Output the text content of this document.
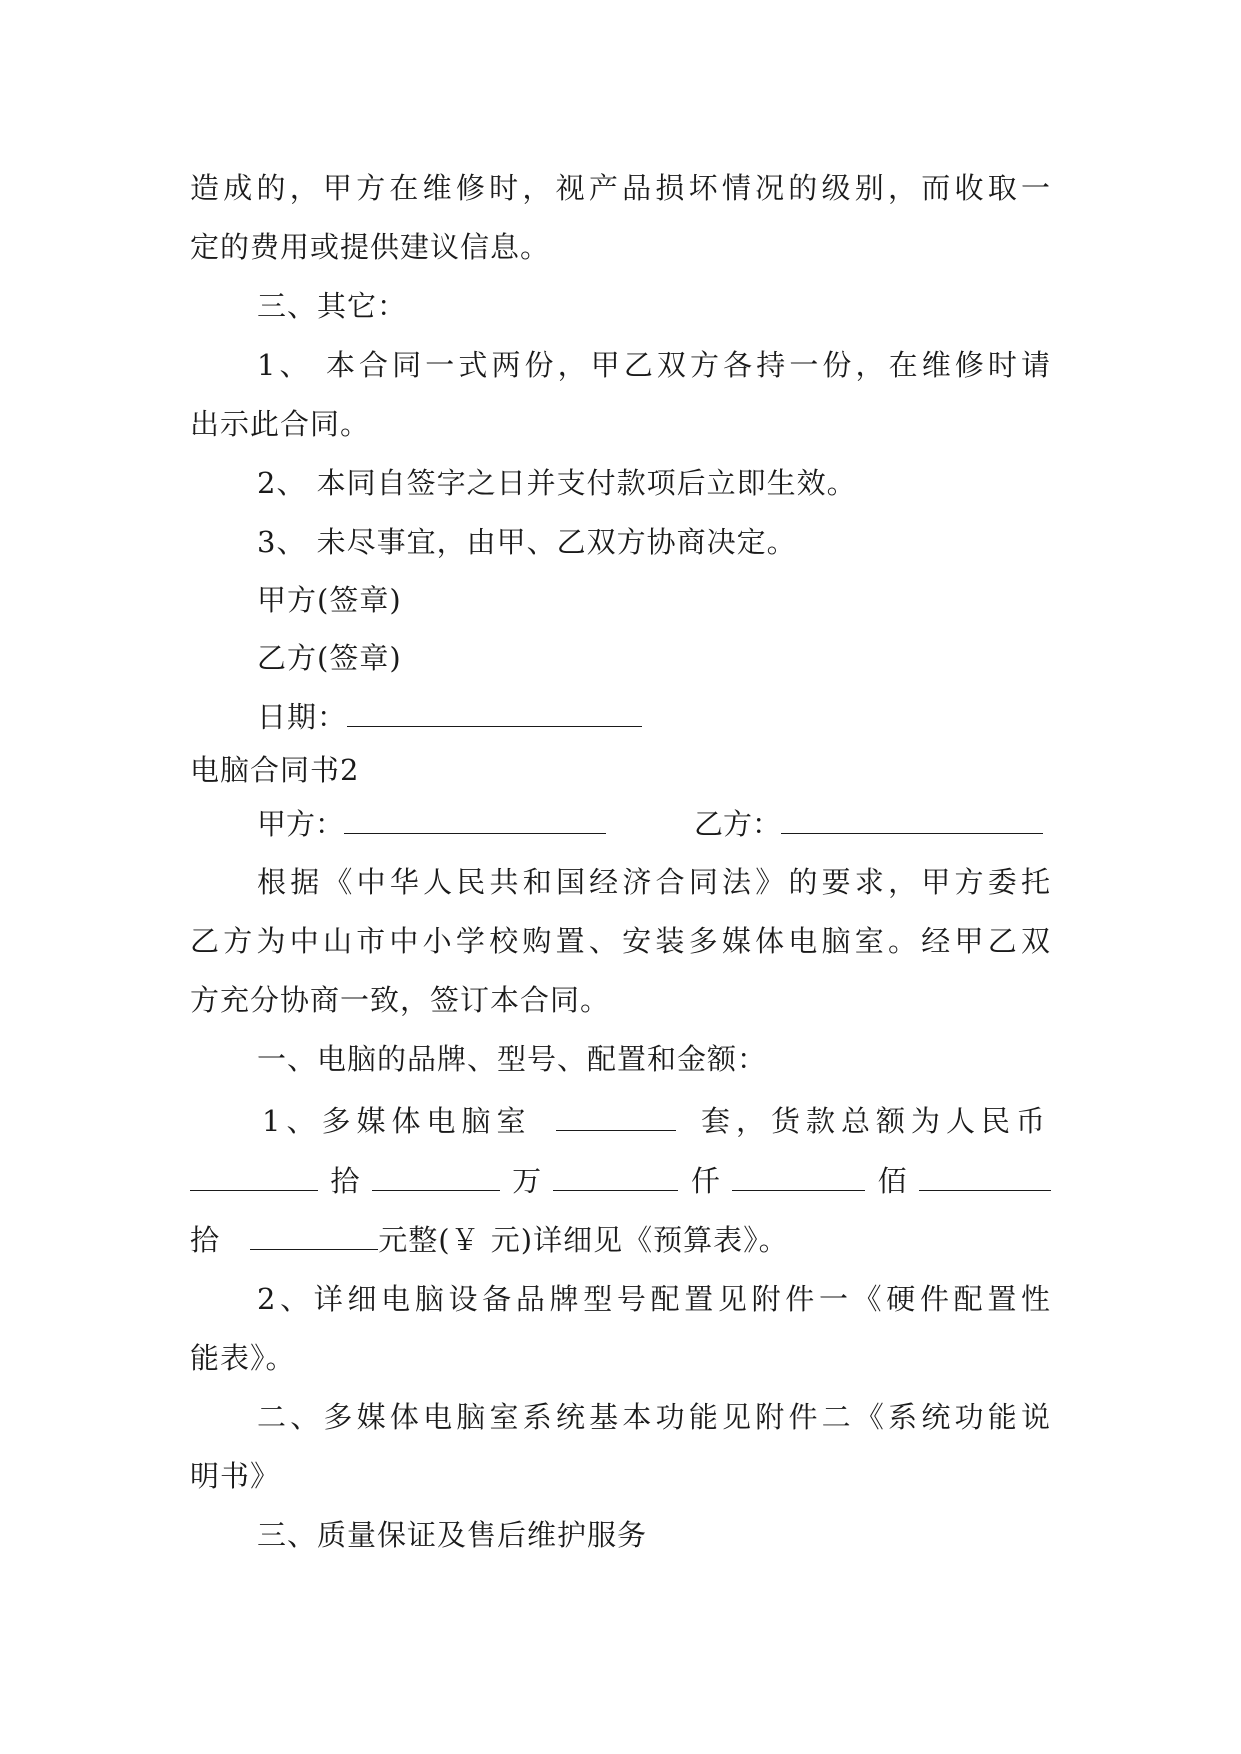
造成的，甲方在维修时，视产品损坏情况的级别，而收取一
定的费用或提供建议信息。
三、其它：
1、 本合同一式两份，甲乙双方各持一份，在维修时请
出示此合同。
2、 本同自签字之日并支付款项后立即生效。
3、 未尽事宜，由甲、乙双方协商决定。
甲方(签章)
乙方(签章)
日期：
电脑合同书2
甲方：	乙方：
根据《中华人民共和国经济合同法》的要求，甲方委托
乙方为中山市中小学校购置、安装多媒体电脑室。经甲乙双
方充分协商一致，签订本合同。
一、电脑的品牌、型号、配置和金额：
1、多媒体电脑室	套，货款总额为人民币
拾	万	仟	佰
拾	元整(￥ 元)详细见《预算表》。
2、详细电脑设备品牌型号配置见附件一《硬件配置性
能表》。
二、多媒体电脑室系统基本功能见附件二《系统功能说
明书》
三、质量保证及售后维护服务
